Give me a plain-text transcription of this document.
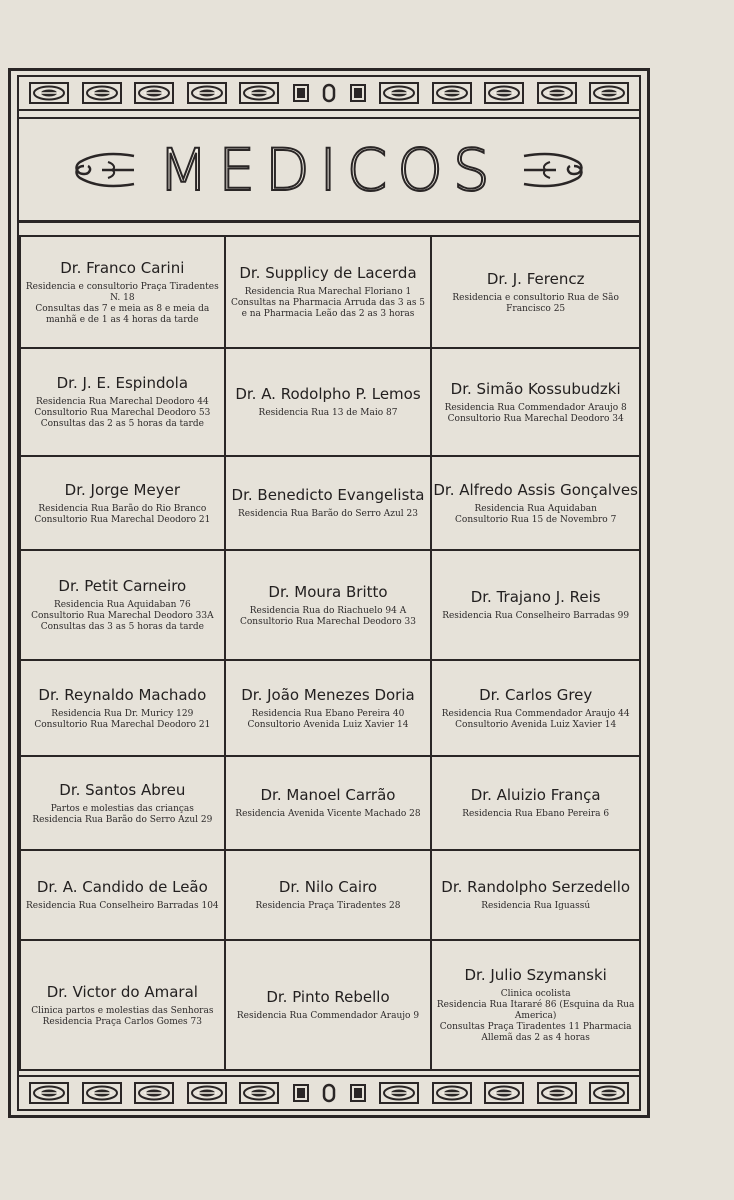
MEDICOS
Dr. Franco Carini
Residencia e consultorio Praça Tiradentes N. 18
Consultas das 7 e meia as 8 e meia da manhã e de 1 as 4 horas da tarde
Dr. Supplicy de Lacerda
Residencia Rua Marechal Floriano 1
Consultas na Pharmacia Arruda das 3 as 5 e na Pharmacia Leão das 2 as 3 horas
Dr. J. Ferencz
Residencia e consultorio Rua de São Francisco 25
Dr. J. E. Espindola
Residencia Rua Marechal Deodoro 44
Consultorio Rua Marechal Deodoro 53
Consultas das 2 as 5 horas da tarde
Dr. A. Rodolpho P. Lemos
Residencia Rua 13 de Maio 87
Dr. Simão Kossubudzki
Residencia Rua Commendador Araujo 8
Consultorio Rua Marechal Deodoro 34
Dr. Jorge Meyer
Residencia Rua Barão do Rio Branco
Consultorio Rua Marechal Deodoro 21
Dr. Benedicto Evangelista
Residencia Rua Barão do Serro Azul 23
Dr. Alfredo Assis Gonçalves
Residencia Rua Aquidaban
Consultorio Rua 15 de Novembro 7
Dr. Petit Carneiro
Residencia Rua Aquidaban 76
Consultorio Rua Marechal Deodoro 33A
Consultas das 3 as 5 horas da tarde
Dr. Moura Britto
Residencia Rua do Riachuelo 94 A
Consultorio Rua Marechal Deodoro 33
Dr. Trajano J. Reis
Residencia Rua Conselheiro Barradas 99
Dr. Reynaldo Machado
Residencia Rua Dr. Muricy 129
Consultorio Rua Marechal Deodoro 21
Dr. João Menezes Doria
Residencia Rua Ebano Pereira 40
Consultorio Avenida Luiz Xavier 14
Dr. Carlos Grey
Residencia Rua Commendador Araujo 44
Consultorio Avenida Luiz Xavier 14
Dr. Santos Abreu
Partos e molestias das crianças
Residencia Rua Barão do Serro Azul 29
Dr. Manoel Carrão
Residencia Avenida Vicente Machado 28
Dr. Aluizio França
Residencia Rua Ebano Pereira 6
Dr. A. Candido de Leão
Residencia Rua Conselheiro Barradas 104
Dr. Nilo Cairo
Residencia Praça Tiradentes 28
Dr. Randolpho Serzedello
Residencia Rua Iguassú
Dr. Victor do Amaral
Clinica partos e molestias das Senhoras
Residencia Praça Carlos Gomes 73
Dr. Pinto Rebello
Residencia Rua Commendador Araujo 9
Dr. Julio Szymanski
Clinica ocolista
Residencia Rua Itararé 86 (Esquina da Rua America)
Consultas Praça Tiradentes 11 Pharmacia Allemã das 2 as 4 horas
